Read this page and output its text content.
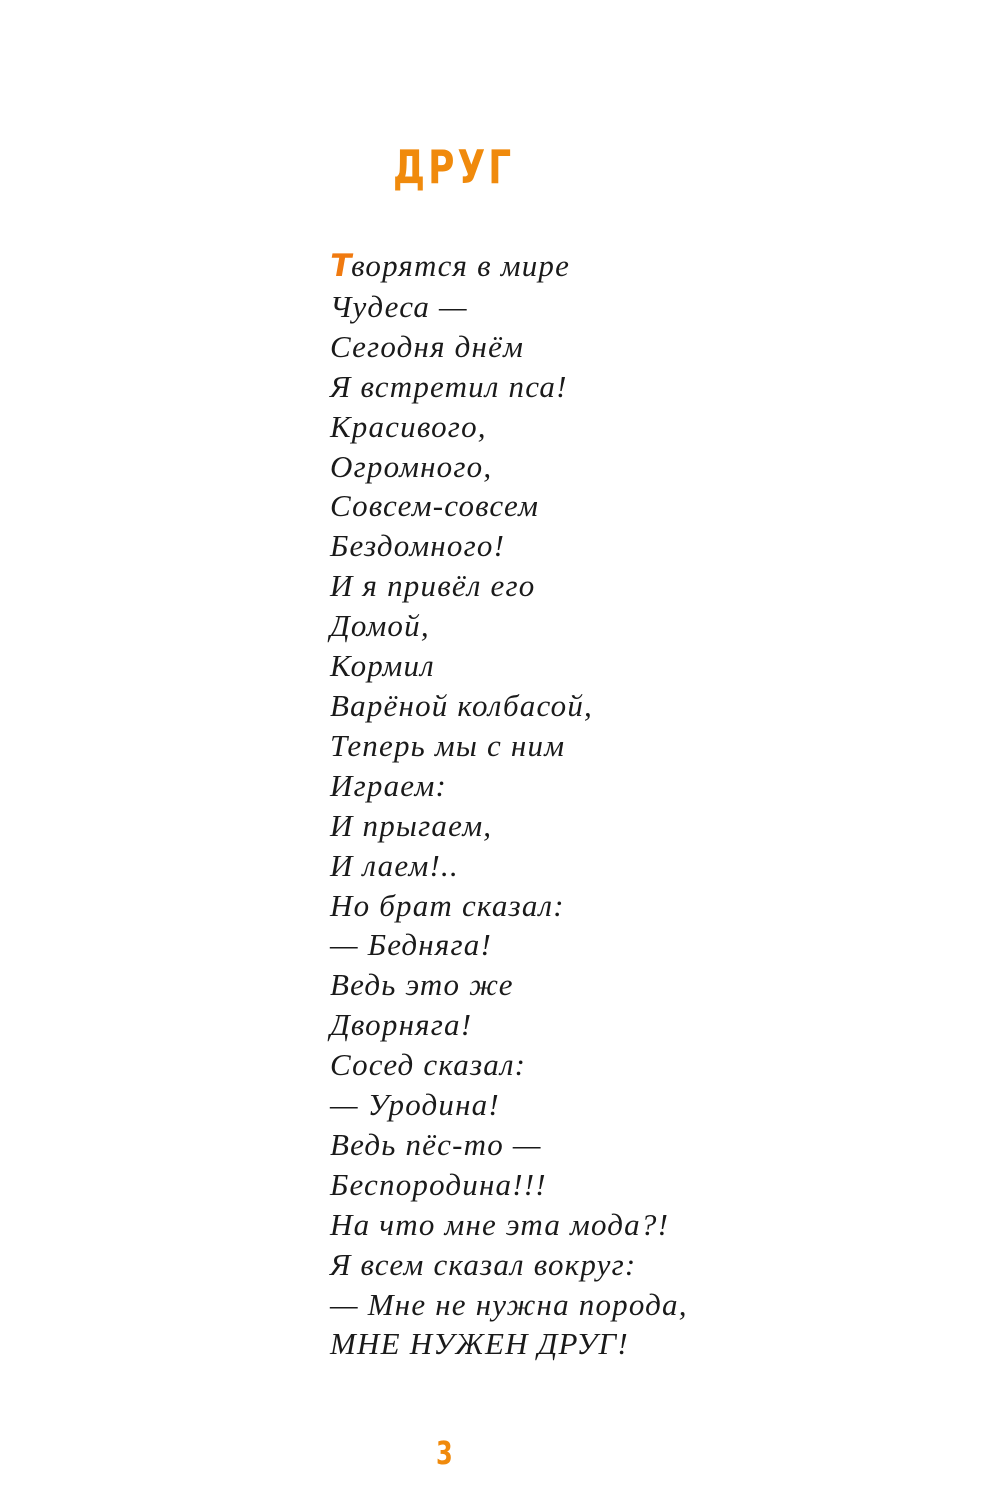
ДРУГ
Творятся в мире
Чудеса —
Сегодня днём
Я встретил пса!
Красивого,
Огромного,
Совсем-совсем
Бездомного!
И я привёл его
Домой,
Кормил
Варёной колбасой,
Теперь мы с ним
Играем:
И прыгаем,
И лаем!..
Но брат сказал:
— Бедняга!
Ведь это же
Дворняга!
Сосед сказал:
— Уродина!
Ведь пёс-то —
Беспородина!!!
На что мне эта мода?!
Я всем сказал вокруг:
— Мне не нужна порода,
МНЕ НУЖЕН ДРУГ!
3
